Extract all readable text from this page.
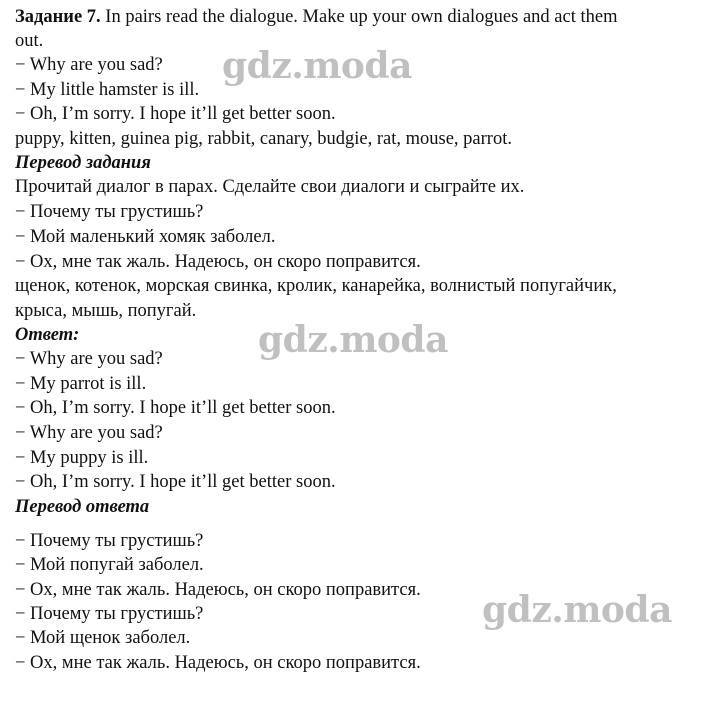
Задание 7. In pairs read the dialogue. Make up your own dialogues and act them
out.
− Why are you sad?
− My little hamster is ill.
− Oh, I’m sorry. I hope it’ll get better soon.
puppy, kitten, guinea pig, rabbit, canary, budgie, rat, mouse, parrot.
Перевод задания
Прочитай диалог в парах. Сделайте свои диалоги и сыграйте их.
− Почему ты грустишь?
− Мой маленький хомяк заболел.
− Ох, мне так жаль. Надеюсь, он скоро поправится.
щенок, котенок, морская свинка, кролик, канарейка, волнистый попугайчик,
крыса, мышь, попугай.
Ответ:
− Why are you sad?
− My parrot is ill.
− Oh, I’m sorry. I hope it’ll get better soon.
− Why are you sad?
− My puppy is ill.
− Oh, I’m sorry. I hope it’ll get better soon.
Перевод ответа
− Почему ты грустишь?
− Мой попугай заболел.
− Ох, мне так жаль. Надеюсь, он скоро поправится.
− Почему ты грустишь?
− Мой щенок заболел.
− Ох, мне так жаль. Надеюсь, он скоро поправится.
gdz.moda
gdz.moda
gdz.moda
